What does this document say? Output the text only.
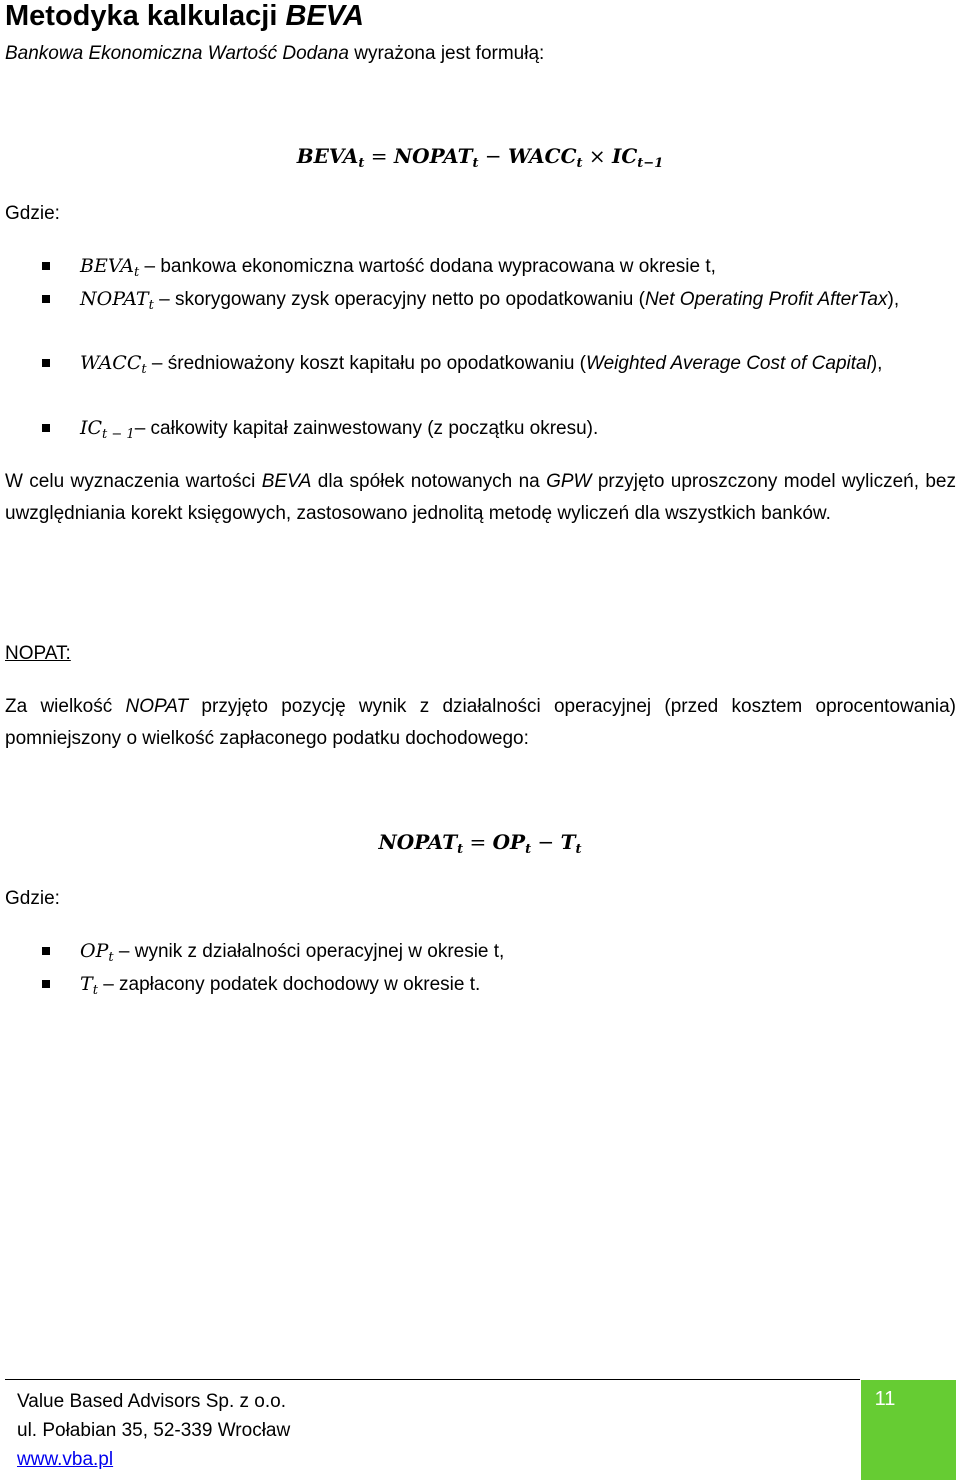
Metodyka kalkulacji BEVA
Bankowa Ekonomiczna Wartość Dodana wyrażona jest formułą:
$BEVA_t$ = $NOPAT_t$ − $WACC_t \times IC_{t-1}$
Gdzie:
$BEVA_t$ – bankowa ekonomiczna wartość dodana wypracowana w okresie t,
$NOPAT_t$ – skorygowany zysk operacyjny netto po opodatkowaniu (Net Operating Profit AfterTax),
$WACC_t$ – średnioważony koszt kapitału po opodatkowaniu (Weighted Average Cost of Capital),
$IC_{t - 1}-$ całkowity kapitał zainwestowany (z początku okresu).
W celu wyznaczenia wartości BEVA dla spółek notowanych na GPW przyjęto uproszczony model wyliczeń, bez uwzględniania korekt księgowych, zastosowano jednolitą metodę wyliczeń dla wszystkich banków.
NOPAT:
Za wielkość NOPAT przyjęto pozycję wynik z działalności operacyjnej (przed kosztem oprocentowania) pomniejszony o wielkość zapłaconego podatku dochodowego:
$NOPAT_t = OP_t - T_t$
Gdzie:
$OP_t$ – wynik z działalności operacyjnej w okresie t,
$T_t$ – zapłacony podatek dochodowy w okresie t.
Value Based Advisors Sp. z o.o.
ul. Połabian 35, 52-339 Wrocław
www.vba.pl
11
